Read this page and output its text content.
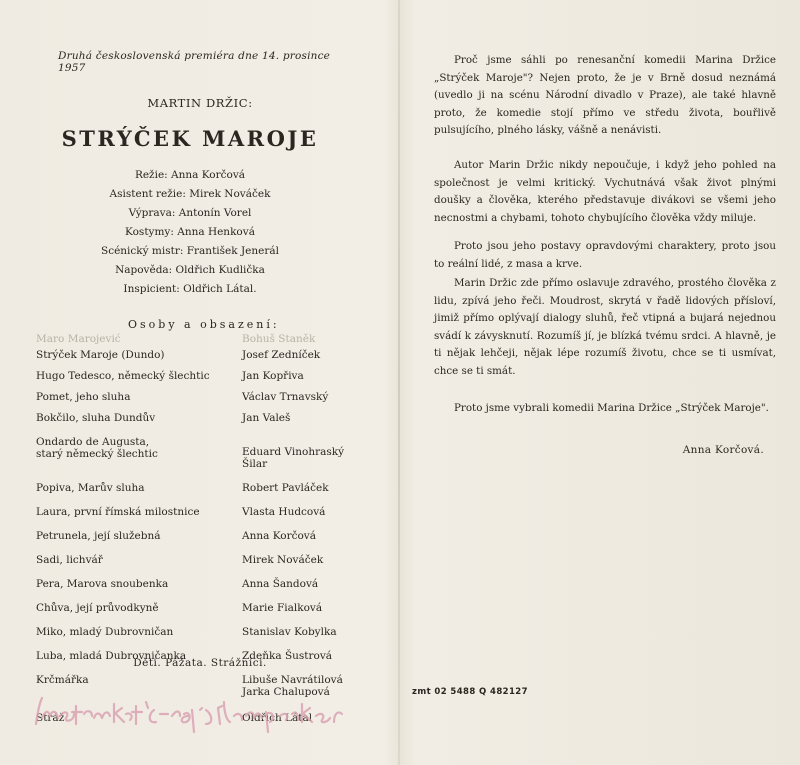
Druhá československá premiéra dne 14. prosince 1957
MARTIN DRŽIC:
STRÝČEK MAROJE
Režie: Anna Korčová
Asistent režie: Mirek Nováček
Výprava: Antonín Vorel
Kostymy: Anna Henková
Scénický mistr: František Jenerál
Napověda: Oldřich Kudlička
Inspicient: Oldřich Látal.
Osoby a obsazení:
Maro Marojević	Bohuš Staněk
Strýček Maroje (Dundo)	Josef Zedníček
Hugo Tedesco, německý šlechtic	Jan Kopřiva
Pomet, jeho sluha	Václav Trnavský
Bokčilo, sluha Dundův	Jan Valeš
Ondardo de Augusta,
starý německý šlechtic	Eduard Vinohraský
Šilar
Popiva, Marův sluha	Robert Pavláček
Laura, první římská milostnice	Vlasta Hudcová
Petrunela, její služebná	Anna Korčová
Sadi, lichvář	Mirek Nováček
Pera, Marova snoubenka	Anna Šandová
Chůva, její průvodkyně	Marie Fialková
Miko, mladý Dubrovničan	Stanislav Kobylka
Luba, mladá Dubrovničanka	Zdeňka Šustrová
Krčmářka	Libuše Navrátilová
Jarka Chalupová
Stráž	Oldřich Látal
Děti. Pážata. Strážníci.
zmt 02 5488 Q 482127
Proč jsme sáhli po renesanční komedii Marina Držice „Strýček Maroje"? Nejen proto, že je v Brně dosud neznámá (uvedlo ji na scénu Národní divadlo v Praze), ale také hlavně proto, že komedie stojí přímo ve středu života, bouřlivě pulsujícího, plného lásky, vášně a nenávisti.
Autor Marin Držic nikdy nepoučuje, i když jeho pohled na společnost je velmi kritický. Vychutnává však život plnými doušky a člověka, kterého představuje divákovi se všemi jeho necnostmi a chybami, tohoto chybujícího člověka vždy miluje.
Proto jsou jeho postavy opravdovými charaktery, proto jsou to reální lidé, z masa a krve.
Marin Držic zde přímo oslavuje zdravého, prostého člověka z lidu, zpívá jeho řeči. Moudrost, skrytá v řadě lidových přísloví, jimiž přímo oplývají dialogy sluhů, řeč vtipná a bujará nejednou svádí k závysknutí. Rozumíš jí, je blízká tvému srdci. A hlavně, je ti nějak lehčeji, nějak lépe rozumíš životu, chce se ti usmívat, chce se ti smát.
Proto jsme vybrali komedii Marina Držice „Strýček Maroje".
Anna Korčová.
